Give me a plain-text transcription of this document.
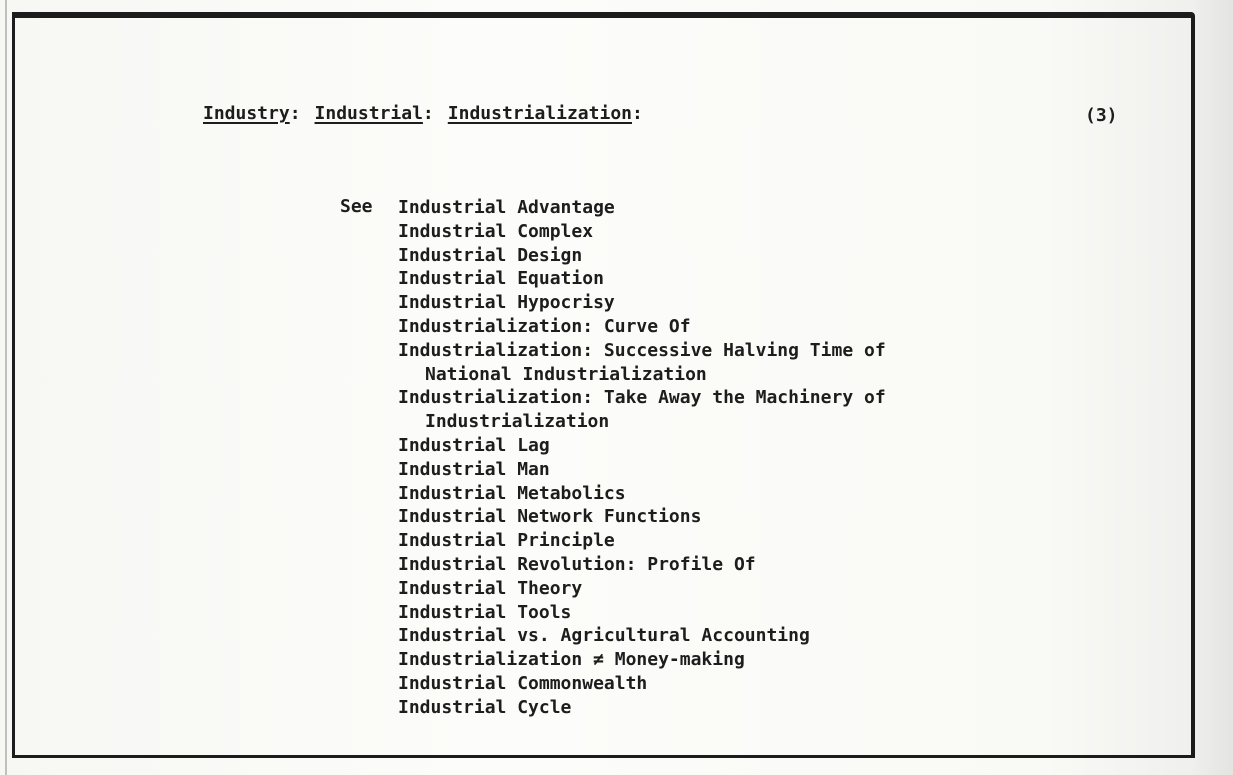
Industry: Industrial: Industrialization:	(3)
See Industrial Advantage
Industrial Complex
Industrial Design
Industrial Equation
Industrial Hypocrisy
Industrialization: Curve Of
Industrialization: Successive Halving Time of
National Industrialization
Industrialization: Take Away the Machinery of
Industrialization
Industrial Lag
Industrial Man
Industrial Metabolics
Industrial Network Functions
Industrial Principle
Industrial Revolution: Profile Of
Industrial Theory
Industrial Tools
Industrial vs. Agricultural Accounting
Industrialization ≠ Money-making
Industrial Commonwealth
Industrial Cycle
